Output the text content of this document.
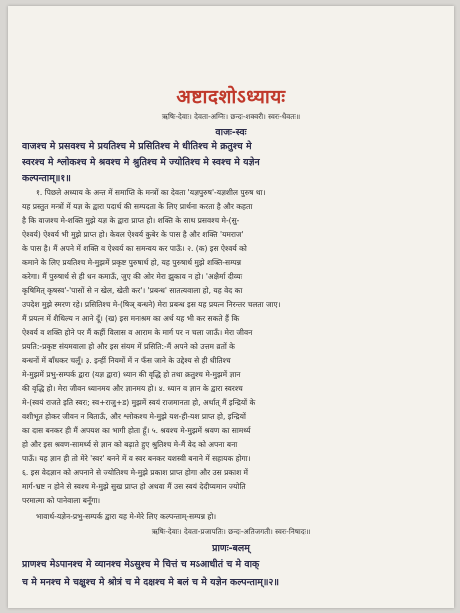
अष्टादशोऽध्यायः
ऋषिः-देवाः। देवता-अग्निः। छन्दः-शक्वरी। स्वरः-धैवतः॥
वाजः-स्वः
वाजश्च मे प्रसवश्च मे प्रयतिश्च मे प्रसितिश्च मे धीतिश्च मे क्रतुश्च मे
स्वरश्च मे श्लोकश्च मे श्रवश्च मे श्रुतिश्च मे ज्योतिश्च मे स्वश्च मे यज्ञेन
कल्पन्ताम्॥१॥
१. पिछले अध्याय के अन्त में समाप्ति के मन्त्रों का देवता 'यज्ञपुरुष'-यज्ञशील पुरुष था।
यह प्रस्तुत मन्त्रों में यज्ञ के द्वारा पदार्थ की सम्पदता के लिए प्रार्थना करता है और कहता
है कि वाजश्च मे-शक्ति मुझे यज्ञ के द्वारा प्राप्त हो। शक्ति के साथ प्रसवश्च मे-(सु-
ऐश्वर्य) ऐश्वर्य भी मुझे प्राप्त हो। केवल ऐश्वर्य कुबेर के पास है और शक्ति 'यमराज'
के पास है। मैं अपने में शक्ति व ऐश्वर्य का समन्वय कर पाऊँ। २. (क) इस ऐश्वर्य को
कमाने के लिए प्रयतिश्च मे-मुझमें प्रकृष्ट पुरुषार्थ हो, यह पुरुषार्थ मुझे शक्ति-सम्पन्न
करेगा। मैं पुरुषार्थ से ही धन कमाऊँ, जुए की ओर मेरा झुकाव न हो। 'अक्षैर्मा दीव्यः
कृषिमित् कृषस्व'-'पासों से न खेल, खेती कर'। 'प्रबन्ध' सातत्यवाला हो, यह वेद का
उपदेश मुझे स्मरण रहे। प्रसितिश्च मे-(षिञ् बन्धने) मेरा प्रबन्ध इस यह प्रयत्न निरन्तर चलता जाए।
मैं प्रयत्न में शैथिल्य न आने दूँ। (ख) इस मनःश्रम का अर्थ यह भी कर सकते हैं कि
ऐश्वर्य व शक्ति होने पर मैं कहीं विलास व आराम के मार्ग पर न चला जाऊँ। मेरा जीवन
प्रयति:-प्रकृष्ट संयमवाला हो और इस संयम में प्रसिति:-मैं अपने को उत्तम व्रतों के
बन्धनों में बाँधकर चलूँ। ३. इन्हीं नियमों में न फँस जाने के उद्देश्य से ही धीतिश्च
मे-मुझमें प्रभु-सम्पर्क द्वारा (यज्ञ द्वारा) ध्यान की वृद्धि हो तथा क्रतुश्च मे-मुझमें ज्ञान
की वृद्धि हो। मेरा जीवन ध्यानमय और ज्ञानमय हो। ४. ध्यान व ज्ञान के द्वारा स्वरश्च
मे-(स्वयं राजते इति स्वरः; स्व+राजु+ड) मुझमें स्वयं राजमानता हो, अर्थात् मैं इन्द्रियों के
वशीभूत होकर जीवन न बिताऊँ, और श्लोकश्च मे-मुझे यश-ही-यश प्राप्त हो, इन्द्रियों
का दास बनकर ही मैं अपयश का भागी होता हूँ। ५. श्रवश्च मे-मुझमें श्रवण का सामर्थ्य
हो और इस श्रवण-सामर्थ्य से ज्ञान को बढ़ाते हुए श्रुतिश्च मे-मैं वेद को अपना बना
पाऊँ। यह ज्ञान ही तो मेरे 'स्वर' बनने में व स्वर बनकर यशस्वी बनाने में सहायक होगा।
६. इस वेदज्ञान को अपनाने से ज्योतिश्च मे-मुझे प्रकाश प्राप्त होगा और उस प्रकाश में
मार्ग-भ्रष्ट न होने से स्वश्च मे-मुझे सुख प्राप्त हो अथवा मैं उस स्वयं देदीप्यमान ज्योति
परमात्मा को पानेवाला बनूँगा।
भावार्थ-यज्ञेन-प्रभु-सम्पर्क द्वारा यह मे-मेरे लिए कल्पन्ताम्-सम्पन्न हो।
ऋषिः-देवाः। देवता-प्रजापतिः। छन्दः-अतिजगती। स्वरः-निषादः॥
प्राणः-बलम्
प्राणश्च मेऽपानश्च मे व्यानश्च मेऽसुश्च मे चित्तं च मऽआधीतं च मे वाक्
च मे मनश्च मे चक्षुश्च मे श्रोत्रं च मे दक्षश्च मे बलं च मे यज्ञेन कल्पन्ताम्॥२॥
